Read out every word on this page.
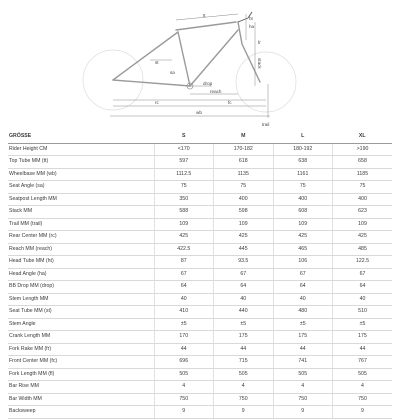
tt
ht
ha
st
sa
stack
fr
drop
reach
rc	fc
wb
trail
GRÖSSE	S	M	L	XL
Rider Height CM	<170	170-182	180-192	>190
Top Tube MM (tt)	597	618	638	658
Wheelbase MM (wb)	1112.5	1135	1161	1185
Seat Angle (sa)	75	75	75	75
Seatpost Length MM	350	400	400	400
Stack MM	588	598	608	623
Trail MM (trail)	109	109	109	109
Rear Center MM (rc)	425	425	425	425
Reach MM (reach)	422.5	445	465	485
Head Tube MM (ht)	87	93.5	106	122.5
Head Angle (ha)	67	67	67	67
BB Drop MM (drop)	64	64	64	64
Stem Length MM	40	40	40	40
Seat Tube MM (st)	410	440	480	510
Stem Angle	±5	±5	±5	±5
Crank Length MM	170	175	175	175
Fork Rake MM (fr)	44	44	44	44
Front Center MM (fc)	696	715	741	767
Fork Length MM (fl)	505	505	505	505
Bar Rise MM	4	4	4	4
Bar Width MM	750	750	750	750
Backsweep	9	9	9	9
